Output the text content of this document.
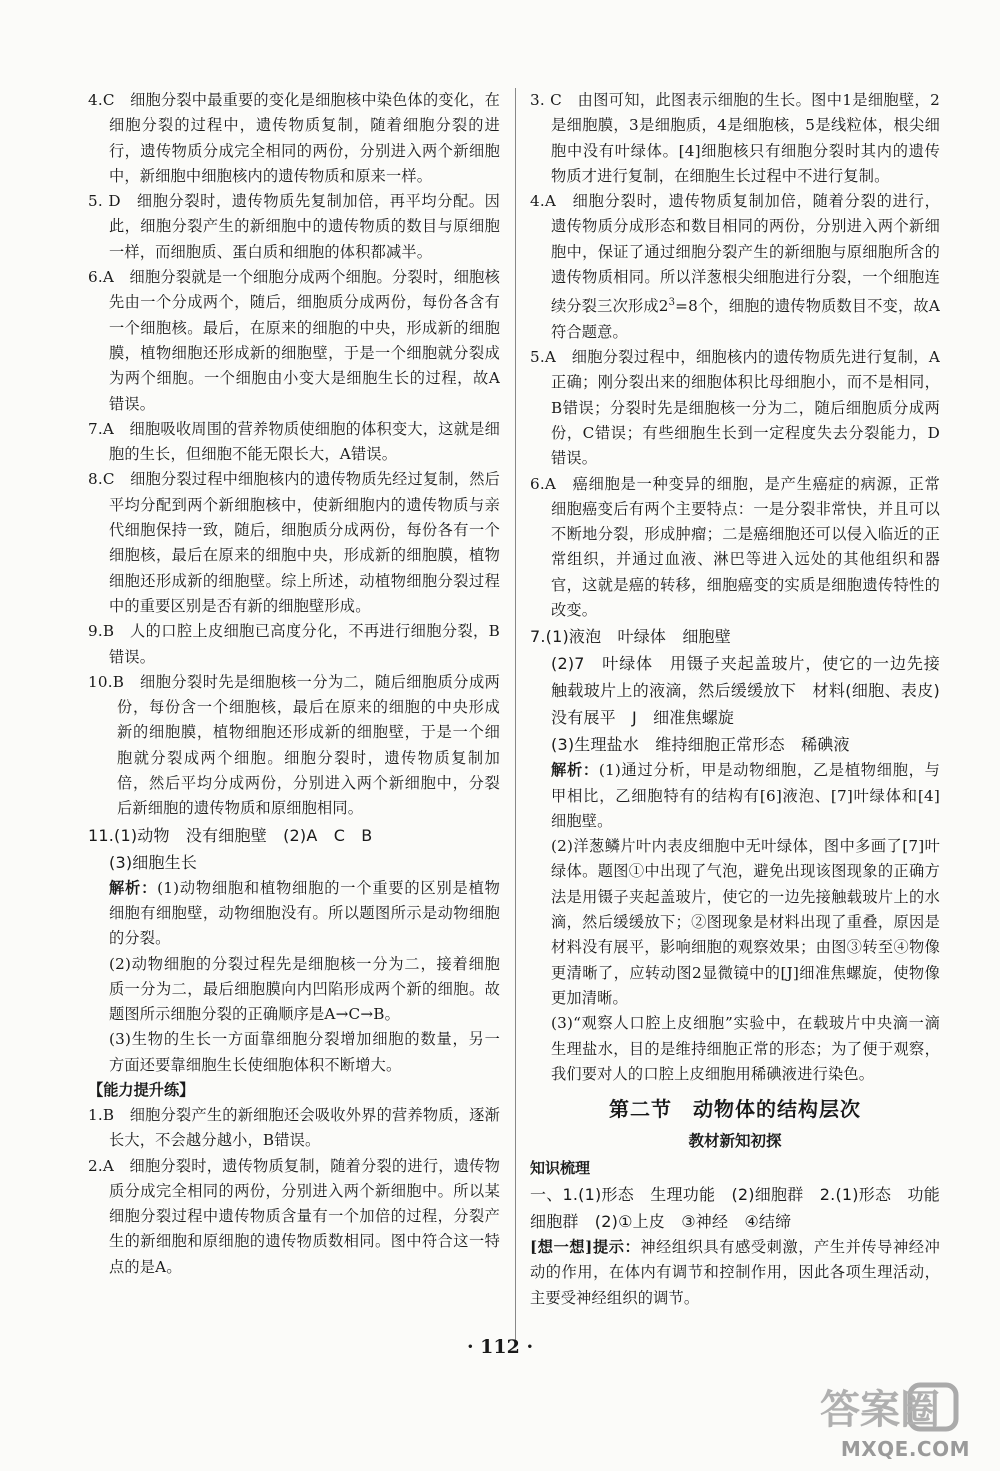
4.C　细胞分裂中最重要的变化是细胞核中染色体的变化，在细胞分裂的过程中，遗传物质复制，随着细胞分裂的进行，遗传物质分成完全相同的两份，分别进入两个新细胞中，新细胞中细胞核内的遗传物质和原来一样。

5. D　细胞分裂时，遗传物质先复制加倍，再平均分配。因此，细胞分裂产生的新细胞中的遗传物质的数目与原细胞一样，而细胞质、蛋白质和细胞的体积都减半。

6.A　细胞分裂就是一个细胞分成两个细胞。分裂时，细胞核先由一个分成两个，随后，细胞质分成两份，每份各含有一个细胞核。最后，在原来的细胞的中央，形成新的细胞膜，植物细胞还形成新的细胞壁，于是一个细胞就分裂成为两个细胞。一个细胞由小变大是细胞生长的过程，故A错误。

7.A　细胞吸收周围的营养物质使细胞的体积变大，这就是细胞的生长，但细胞不能无限长大，A错误。

8.C　细胞分裂过程中细胞核内的遗传物质先经过复制，然后平均分配到两个新细胞核中，使新细胞内的遗传物质与亲代细胞保持一致，随后，细胞质分成两份，每份各有一个细胞核，最后在原来的细胞中央，形成新的细胞膜，植物细胞还形成新的细胞壁。综上所述，动植物细胞分裂过程中的重要区别是否有新的细胞壁形成。

9.B　人的口腔上皮细胞已高度分化，不再进行细胞分裂，B错误。

10.B　细胞分裂时先是细胞核一分为二，随后细胞质分成两份，每份含一个细胞核，最后在原来的细胞的中央形成新的细胞膜，植物细胞还形成新的细胞壁，于是一个细胞就分裂成两个细胞。细胞分裂时，遗传物质复制加倍，然后平均分成两份，分别进入两个新细胞中，分裂后新细胞的遗传物质和原细胞相同。

11.(1)动物　没有细胞壁　(2)A　C　B

(3)细胞生长

解析：(1)动物细胞和植物细胞的一个重要的区别是植物细胞有细胞壁，动物细胞没有。所以题图所示是动物细胞的分裂。

(2)动物细胞的分裂过程先是细胞核一分为二，接着细胞质一分为二，最后细胞膜向内凹陷形成两个新的细胞。故题图所示细胞分裂的正确顺序是A→C→B。

(3)生物的生长一方面靠细胞分裂增加细胞的数量，另一方面还要靠细胞生长使细胞体积不断增大。

【能力提升练】

1.B　细胞分裂产生的新细胞还会吸收外界的营养物质，逐渐长大，不会越分越小，B错误。

2.A　细胞分裂时，遗传物质复制，随着分裂的进行，遗传物质分成完全相同的两份，分别进入两个新细胞中。所以某细胞分裂过程中遗传物质含量有一个加倍的过程，分裂产生的新细胞和原细胞的遗传物质数相同。图中符合这一特点的是A。

3. C　由图可知，此图表示细胞的生长。图中1是细胞壁，2是细胞膜，3是细胞质，4是细胞核，5是线粒体，根尖细胞中没有叶绿体。[4]细胞核只有细胞分裂时其内的遗传物质才进行复制，在细胞生长过程中不进行复制。

4.A　细胞分裂时，遗传物质复制加倍，随着分裂的进行，遗传物质分成形态和数目相同的两份，分别进入两个新细胞中，保证了通过细胞分裂产生的新细胞与原细胞所含的遗传物质相同。所以洋葱根尖细胞进行分裂，一个细胞连续分裂三次形成$2^3=8$个，细胞的遗传物质数目不变，故A符合题意。

5.A　细胞分裂过程中，细胞核内的遗传物质先进行复制，A正确；刚分裂出来的细胞体积比母细胞小，而不是相同，B错误；分裂时先是细胞核一分为二，随后细胞质分成两份，C错误；有些细胞生长到一定程度失去分裂能力，D错误。

6.A　癌细胞是一种变异的细胞，是产生癌症的病源，正常细胞癌变后有两个主要特点：一是分裂非常快，并且可以不断地分裂，形成肿瘤；二是癌细胞还可以侵入临近的正常组织，并通过血液、淋巴等进入远处的其他组织和器官，这就是癌的转移，细胞癌变的实质是细胞遗传特性的改变。

7.(1)液泡　叶绿体　细胞壁

(2)7　叶绿体　用镊子夹起盖玻片，使它的一边先接触载玻片上的液滴，然后缓缓放下　材料(细胞、表皮)没有展平　J　细准焦螺旋

(3)生理盐水　维持细胞正常形态　稀碘液

解析：(1)通过分析，甲是动物细胞，乙是植物细胞，与甲相比，乙细胞特有的结构有[6]液泡、[7]叶绿体和[4]细胞壁。

(2)洋葱鳞片叶内表皮细胞中无叶绿体，图中多画了[7]叶绿体。题图①中出现了气泡，避免出现该图现象的正确方法是用镊子夹起盖玻片，使它的一边先接触载玻片上的水滴，然后缓缓放下；②图现象是材料出现了重叠，原因是材料没有展平，影响细胞的观察效果；由图③转至④物像更清晰了，应转动图2显微镜中的[J]细准焦螺旋，使物像更加清晰。

(3)“观察人口腔上皮细胞”实验中，在载玻片中央滴一滴生理盐水，目的是维持细胞正常的形态；为了便于观察，我们要对人的口腔上皮细胞用稀碘液进行染色。

第二节　动物体的结构层次

教材新知初探

知识梳理

一、1.(1)形态　生理功能　(2)细胞群　2.(1)形态　功能　细胞群　(2)①上皮　③神经　④结缔

[想一想]提示：神经组织具有感受刺激，产生并传导神经冲动的作用，在体内有调节和控制作用，因此各项生理活动，主要受神经组织的调节。

· 112 ·
答案圈
MXQE.COM
